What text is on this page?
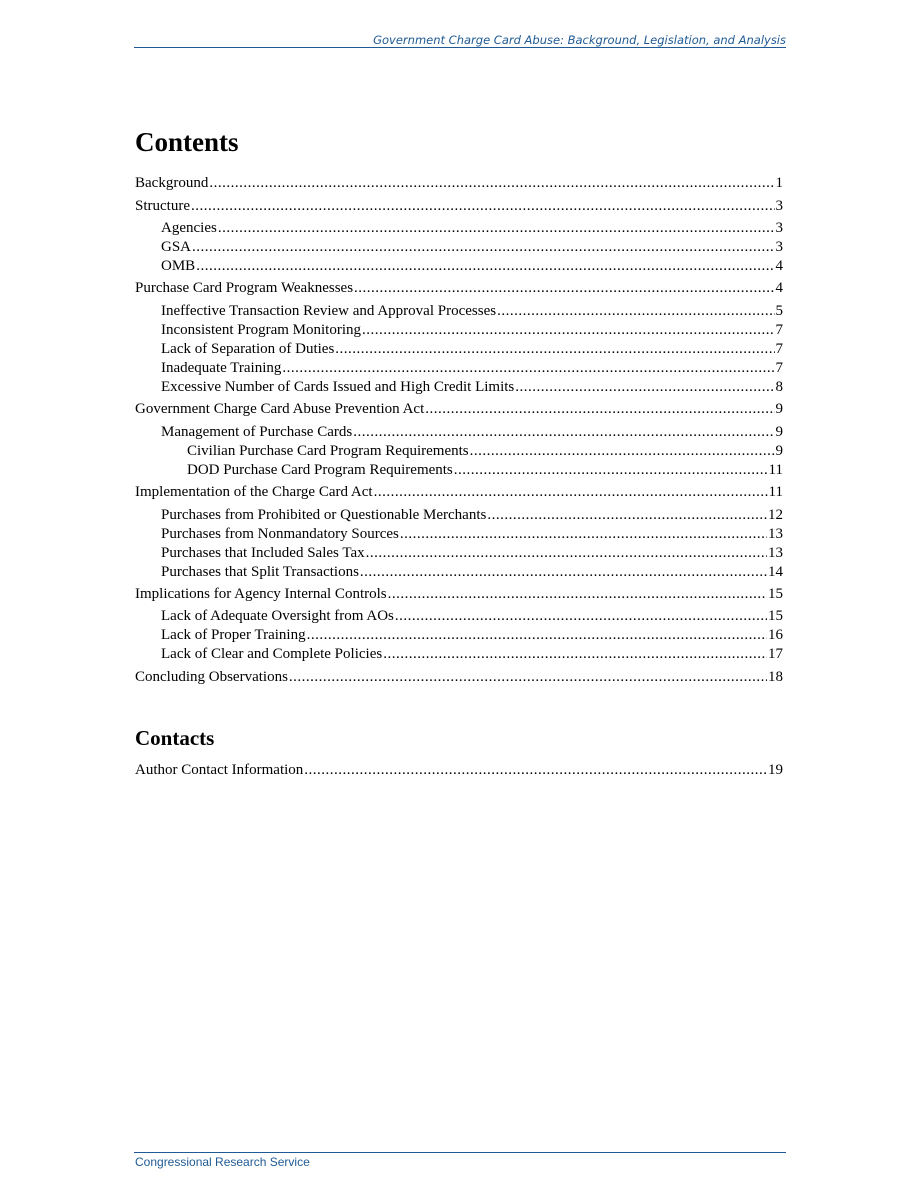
Government Charge Card Abuse: Background, Legislation, and Analysis
Contents
Background .....	1
Structure .....	3
Agencies .....	3
GSA .....	3
OMB .....	4
Purchase Card Program Weaknesses .....	4
Ineffective Transaction Review and Approval Processes .....	5
Inconsistent Program Monitoring .....	7
Lack of Separation of Duties .....	7
Inadequate Training .....	7
Excessive Number of Cards Issued and High Credit Limits .....	8
Government Charge Card Abuse Prevention Act .....	9
Management of Purchase Cards .....	9
Civilian Purchase Card Program Requirements .....	9
DOD Purchase Card Program Requirements .....	11
Implementation of the Charge Card Act .....	11
Purchases from Prohibited or Questionable Merchants .....	12
Purchases from Nonmandatory Sources .....	13
Purchases that Included Sales Tax .....	13
Purchases that Split Transactions .....	14
Implications for Agency Internal Controls .....	15
Lack of Adequate Oversight from AOs .....	15
Lack of Proper Training .....	16
Lack of Clear and Complete Policies .....	17
Concluding Observations .....	18
Contacts
Author Contact Information .....	19
Congressional Research Service
